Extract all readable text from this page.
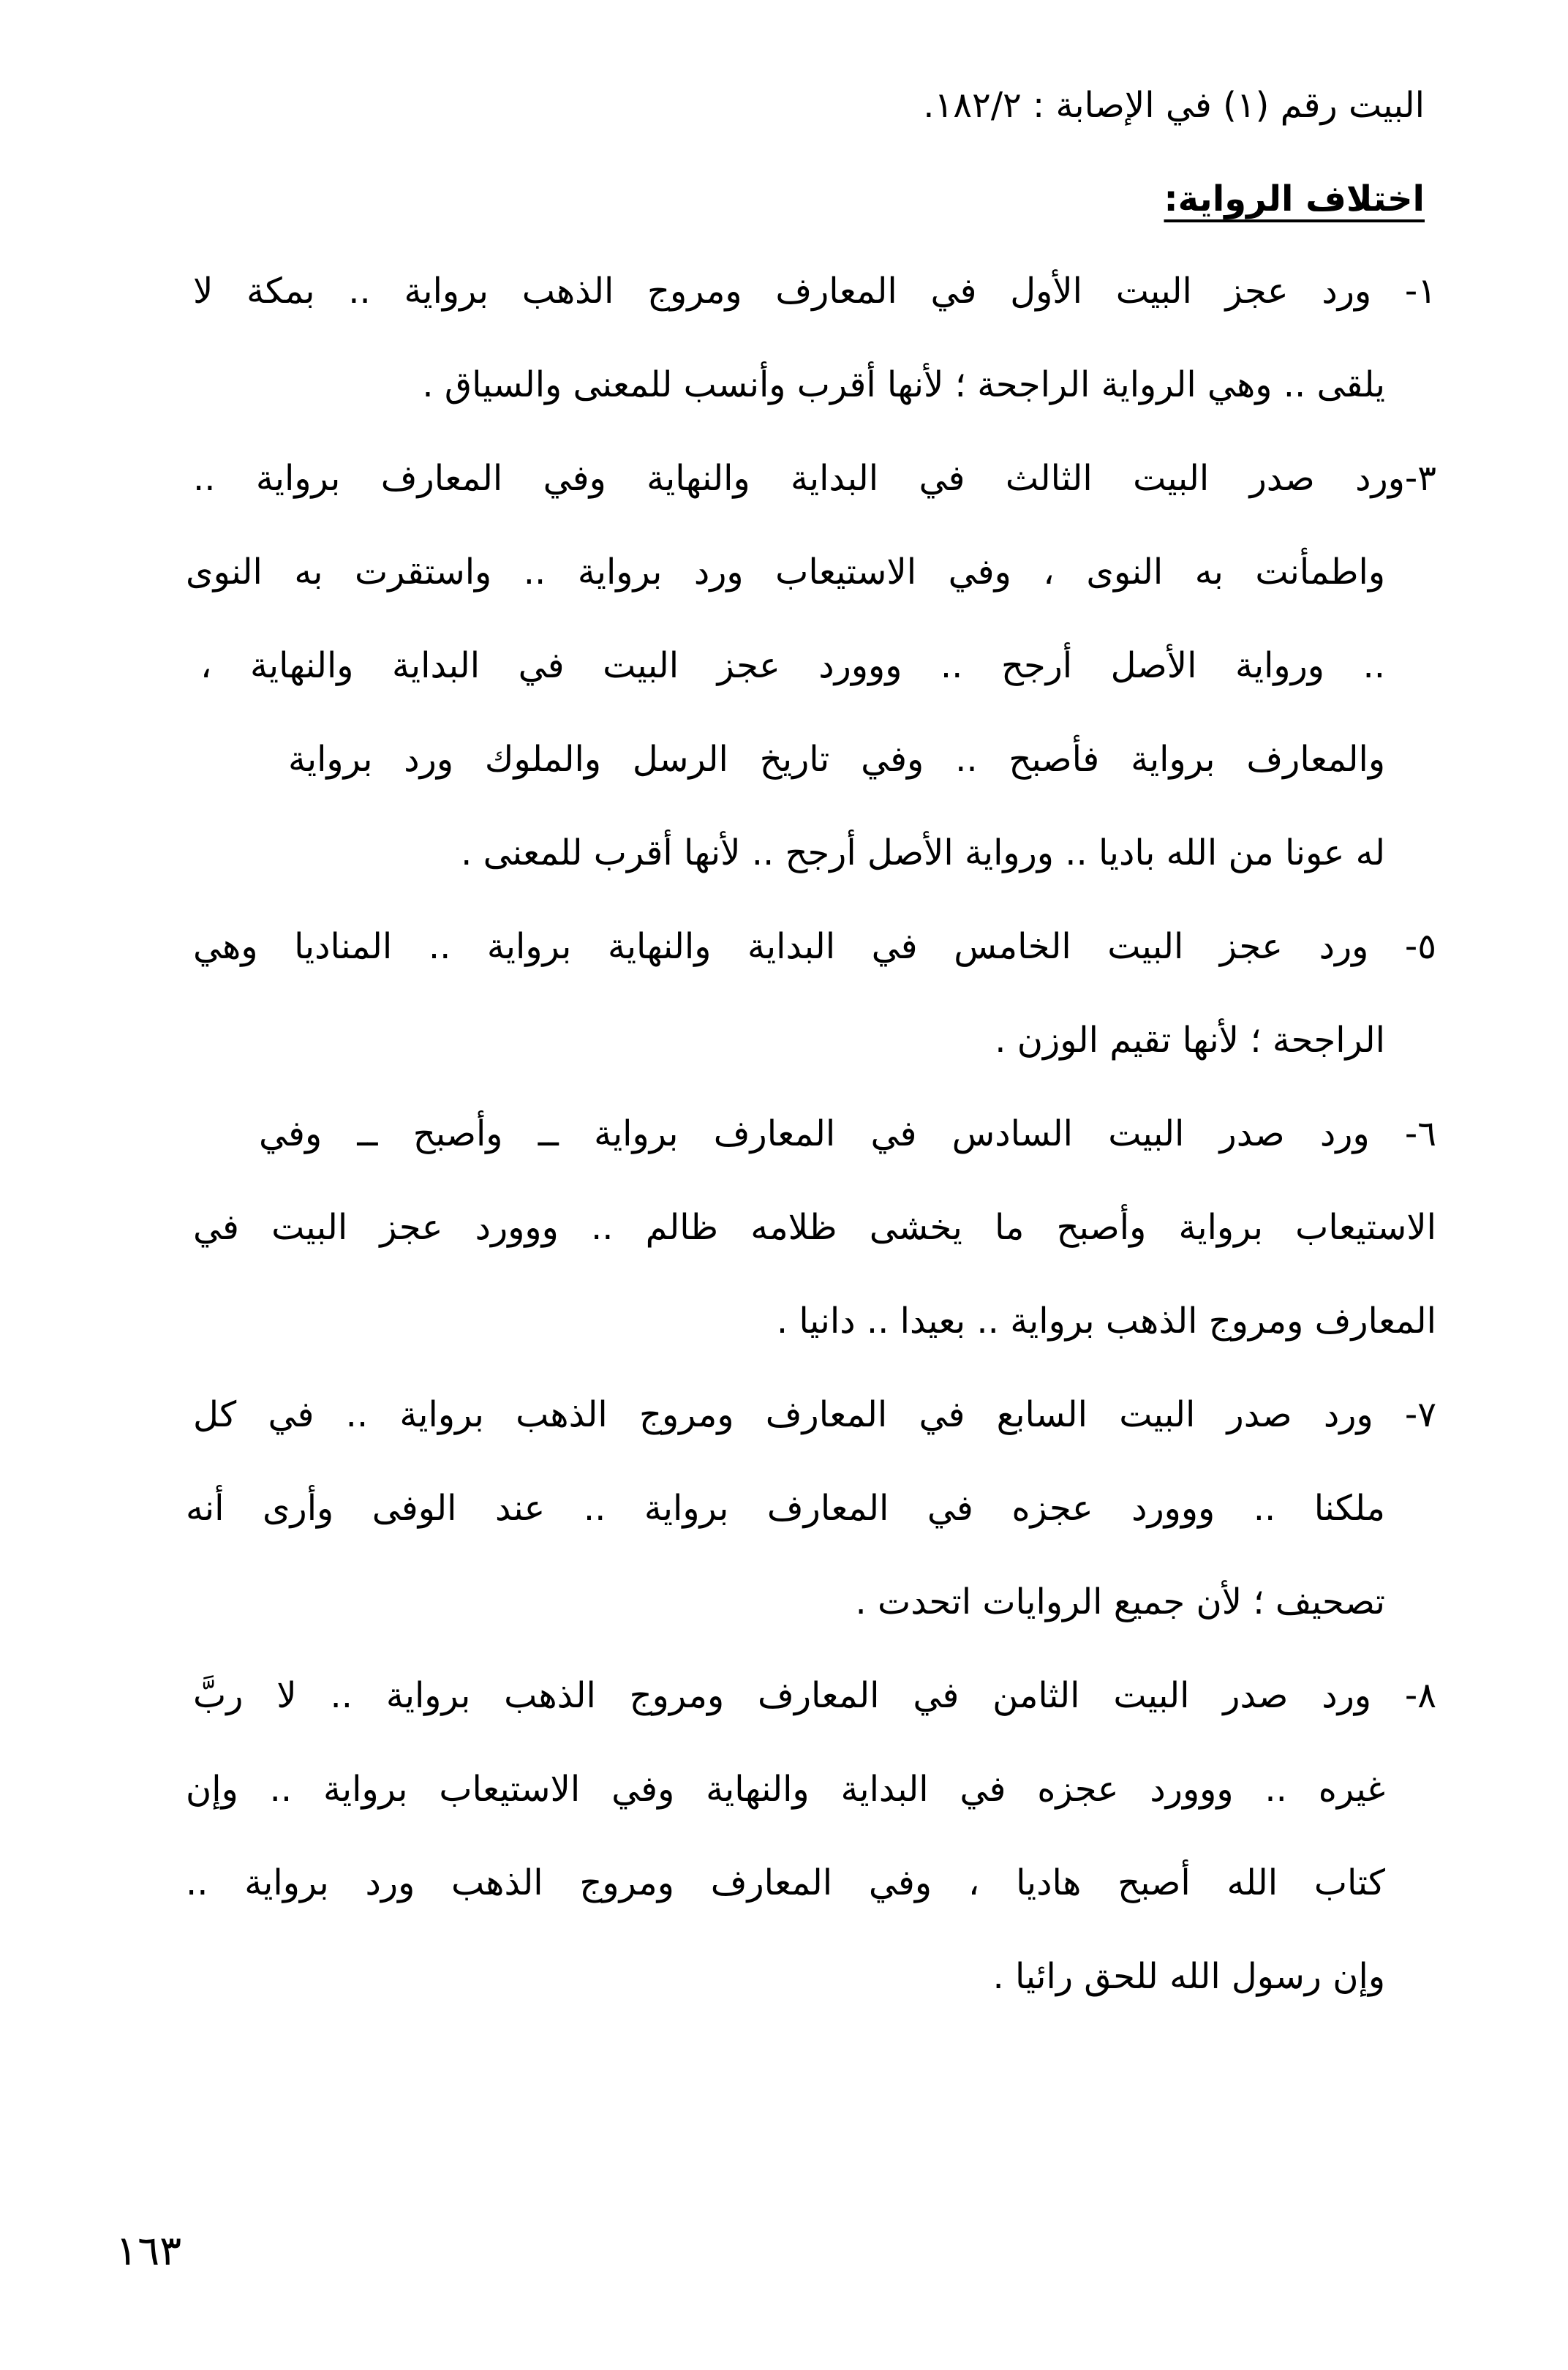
البيت رقم (١) في الإصابة : ١٨٢/٢.
اختلاف الرواية:
١- ورد عجز البيت الأول في المعارف ومروج الذهب برواية .. بمكة لا
يلقى .. وهي الرواية الراجحة ؛ لأنها أقرب وأنسب للمعنى والسياق .
٣-ورد صدر البيت الثالث في البداية والنهاية وفي المعارف برواية ..
واطمأنت به النوى ، وفي الاستيعاب ورد برواية .. واستقرت به النوى
.. ورواية الأصل أرجح .. ووورد عجز البيت في البداية والنهاية ،
والمعارف برواية فأصبح .. وفي تاريخ الرسل والملوك ورد برواية
له عونا من الله باديا .. ورواية الأصل أرجح .. لأنها أقرب للمعنى .
٥- ورد عجز البيت الخامس في البداية والنهاية برواية .. المناديا وهي
الراجحة ؛ لأنها تقيم الوزن .
٦- ورد صدر البيت السادس في المعارف برواية ــ وأصبح ــ وفي
الاستيعاب برواية وأصبح ما يخشى ظلامه ظالم .. ووورد عجز البيت في
المعارف ومروج الذهب برواية .. بعيدا .. دانيا .
٧- ورد صدر البيت السابع في المعارف ومروج الذهب برواية .. في كل
ملكنا .. ووورد عجزه في المعارف برواية .. عند الوفى وأرى أنه
تصحيف ؛ لأن جميع الروايات اتحدت .
٨- ورد صدر البيت الثامن في المعارف ومروج الذهب برواية .. لا ربَّ
غيره .. ووورد عجزه في البداية والنهاية وفي الاستيعاب برواية .. وإن
كتاب الله أصبح هاديا ، وفي المعارف ومروج الذهب ورد برواية ..
وإن رسول الله للحق رائيا .
١٦٣
